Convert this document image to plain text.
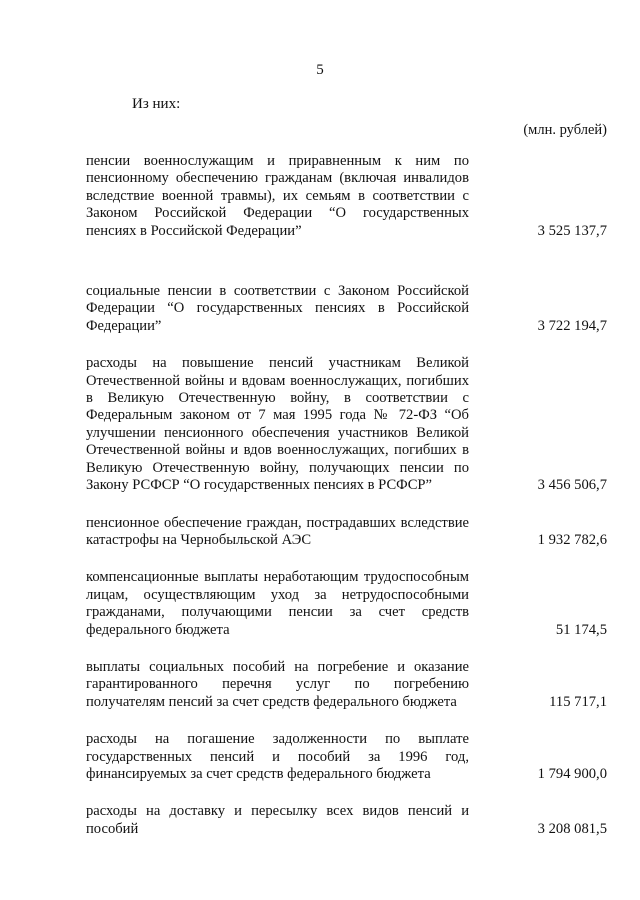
5
Из них:
(млн. рублей)
пенсии военнослужащим и приравненным к ним по пенсионному обеспечению гражданам (включая инвалидов вследствие военной травмы), их семьям в соответствии с Законом Российской Федерации “О государственных пенсиях в Российской Федерации”	3 525 137,7
социальные пенсии в соответствии с Законом Российской Федерации “О государственных пенсиях в Российской Федерации”	3 722 194,7
расходы на повышение пенсий участникам Великой Отечественной войны и вдовам военнослужащих, погибших в Великую Отечественную войну, в соответствии с Федеральным законом от 7 мая 1995 года № 72-ФЗ “Об улучшении пенсионного обеспечения участников Великой Отечественной войны и вдов военнослужащих, погибших в Великую Отечественную войну, получающих пенсии по Закону РСФСР “О государственных пенсиях в РСФСР”	3 456 506,7
пенсионное обеспечение граждан, пострадавших вследствие катастрофы на Чернобыльской АЭС	1 932 782,6
компенсационные выплаты неработающим трудоспособным лицам, осуществляющим уход за нетрудоспособными гражданами, получающими пенсии за счет средств федерального бюджета	51 174,5
выплаты социальных пособий на погребение и оказание гарантированного перечня услуг по погребению получателям пенсий за счет средств федерального бюджета	115 717,1
расходы на погашение задолженности по выплате государственных пенсий и пособий за 1996 год, финансируемых за счет средств федерального бюджета	1 794 900,0
расходы на доставку и пересылку всех видов пенсий и пособий	3 208 081,5
